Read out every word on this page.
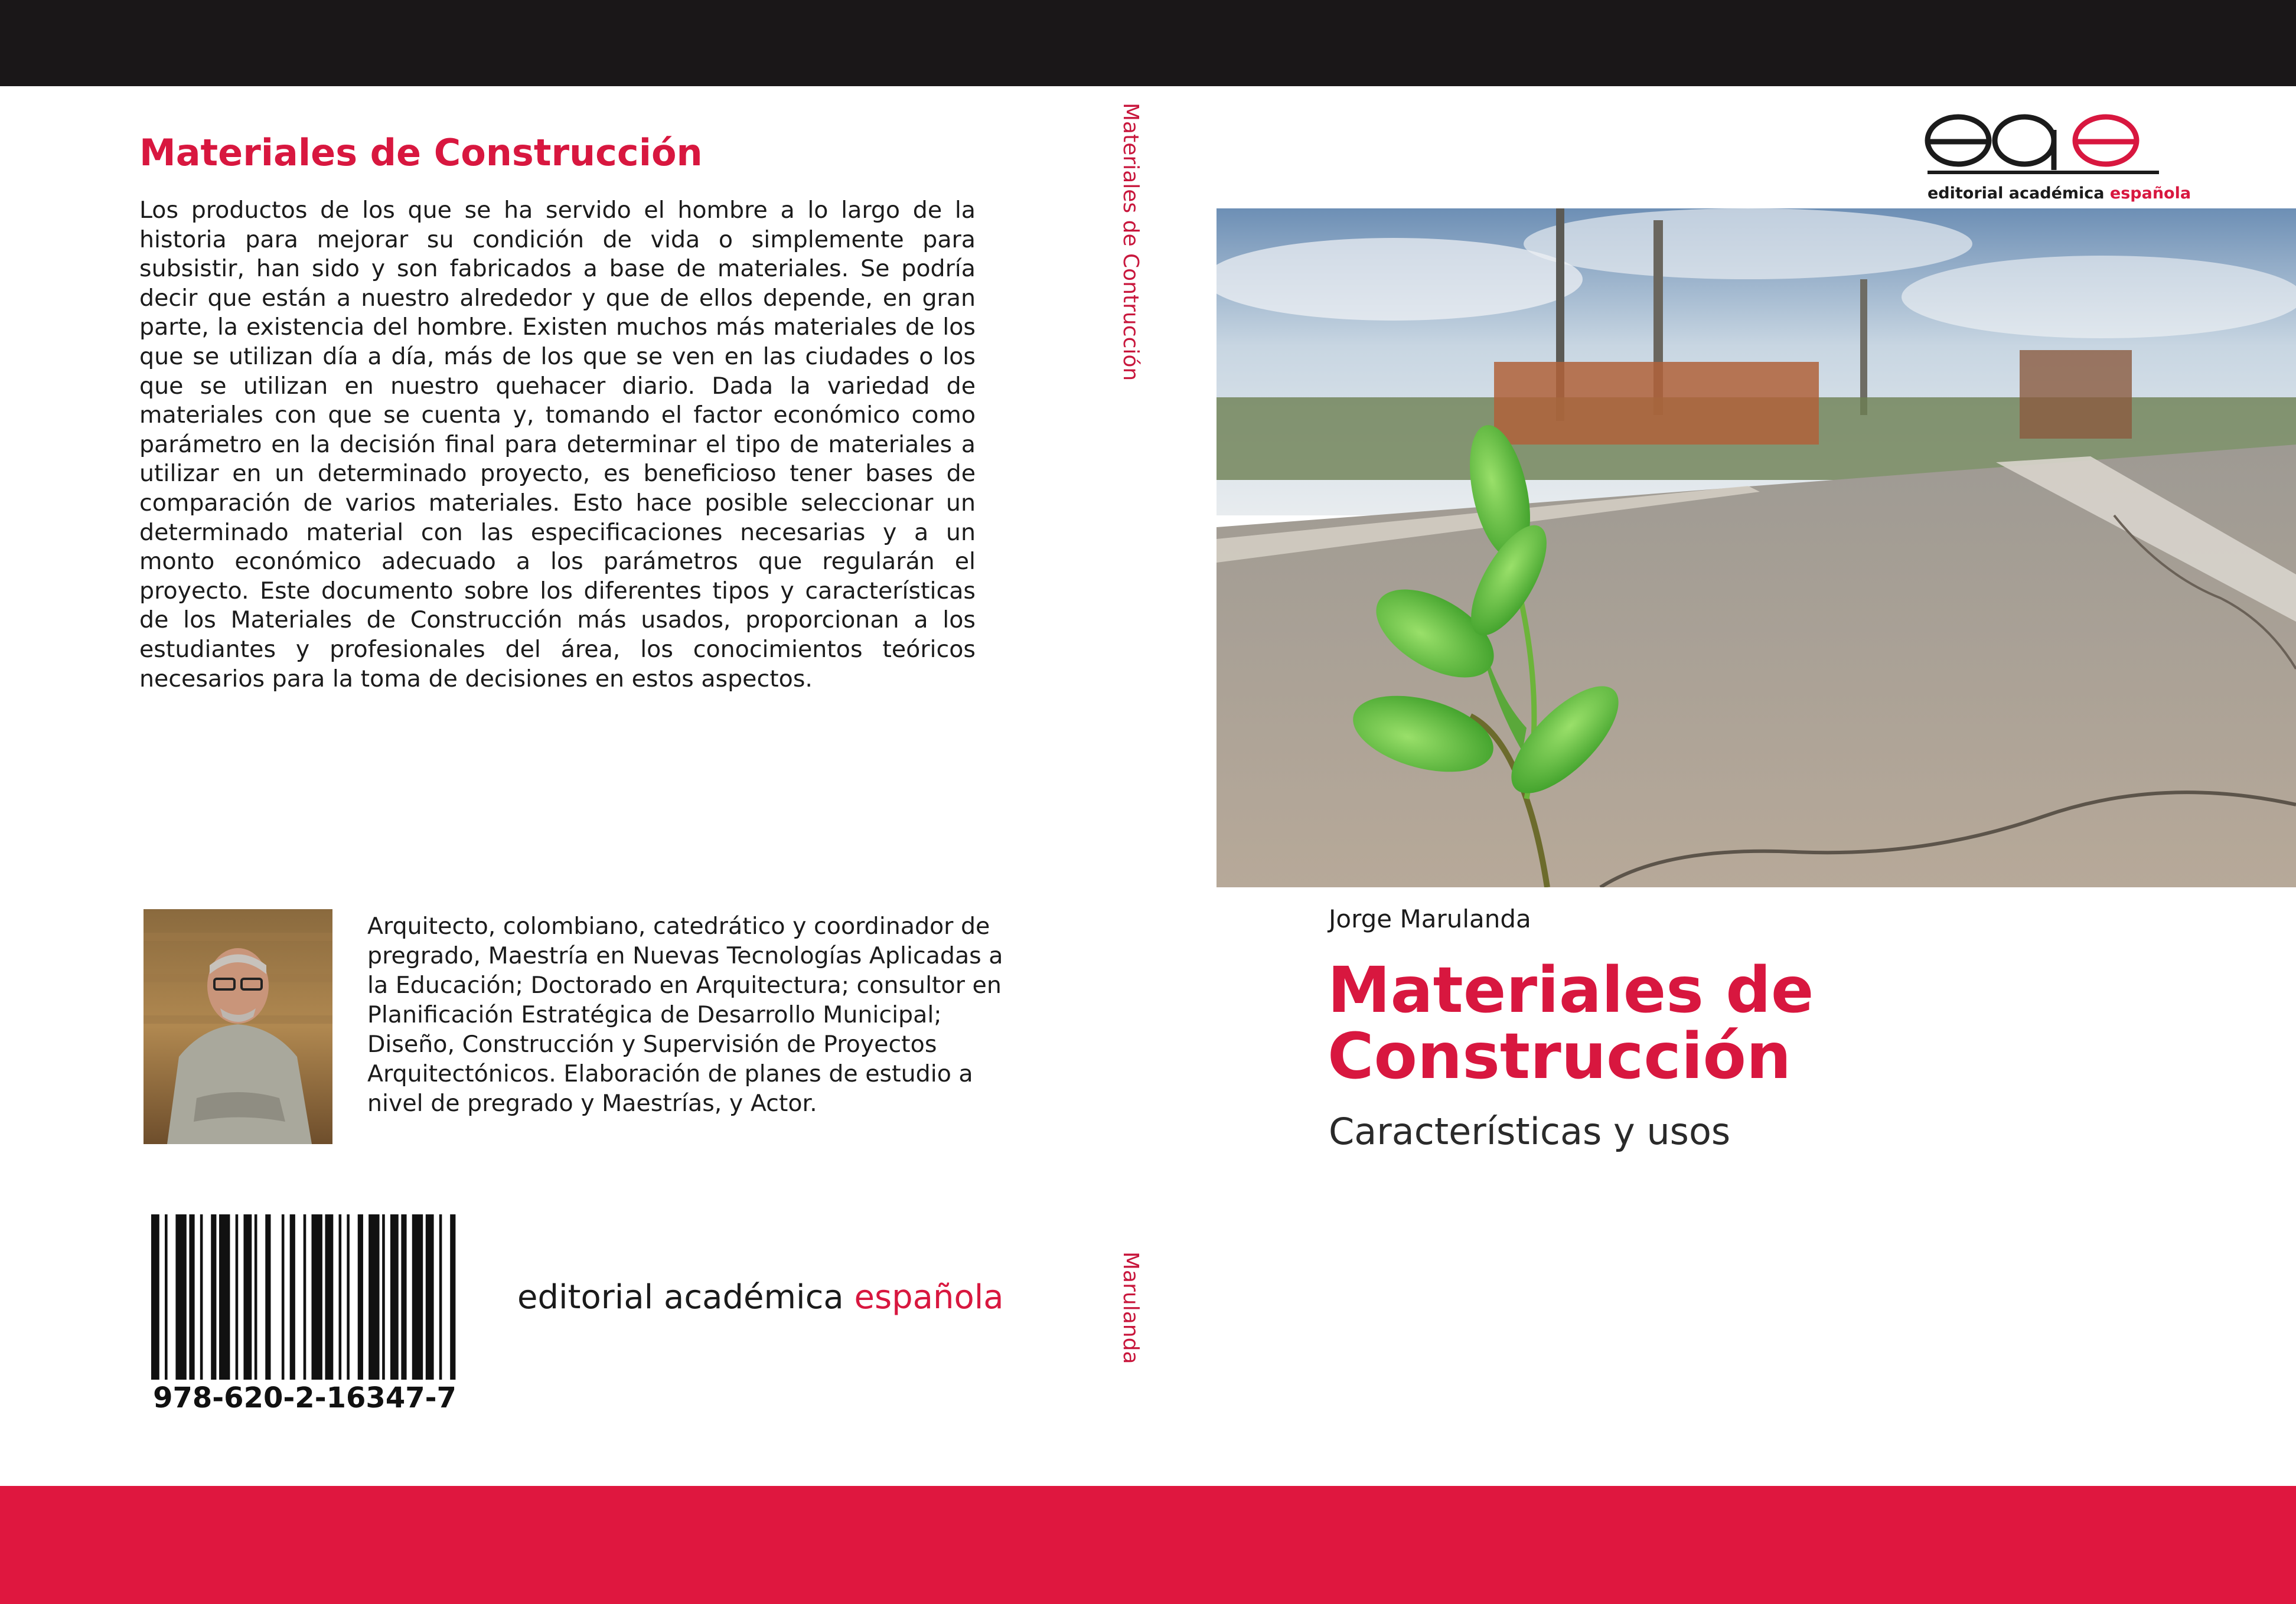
Materiales de Construcción

Los productos de los que se ha servido el hombre a lo largo de la historia para mejorar su condición de vida o simplemente para subsistir, han sido y son fabricados a base de materiales. Se podría decir que están a nuestro alrededor y que de ellos depende, en gran parte, la existencia del hombre. Existen muchos más materiales de los que se utilizan día a día, más de los que se ven en las ciudades o los que se utilizan en nuestro quehacer diario. Dada la variedad de materiales con que se cuenta y, tomando el factor económico como parámetro en la decisión final para determinar el tipo de materiales a utilizar en un determinado proyecto, es beneficioso tener bases de comparación de varios materiales. Esto hace posible seleccionar un determinado material con las especificaciones necesarias y a un monto económico adecuado a los parámetros que regularán el proyecto. Este documento sobre los diferentes tipos y características de los Materiales de Construcción más usados, proporcionan a los estudiantes y profesionales del área, los conocimientos teóricos necesarios para la toma de decisiones en estos aspectos.

Arquitecto, colombiano, catedrático y coordinador de pregrado, Maestría en Nuevas Tecnologías Aplicadas a la Educación; Doctorado en Arquitectura; consultor en Planificación Estratégica de Desarrollo Municipal; Diseño, Construcción y Supervisión de Proyectos Arquitectónicos. Elaboración de planes de estudio a nivel de pregrado y Maestrías, y Actor.

978-620-2-16347-7
editorial académica española
Materiales de Contrucción
Marulanda
editorial académica española
Jorge Marulanda
Materiales de
Construcción
Características y usos
